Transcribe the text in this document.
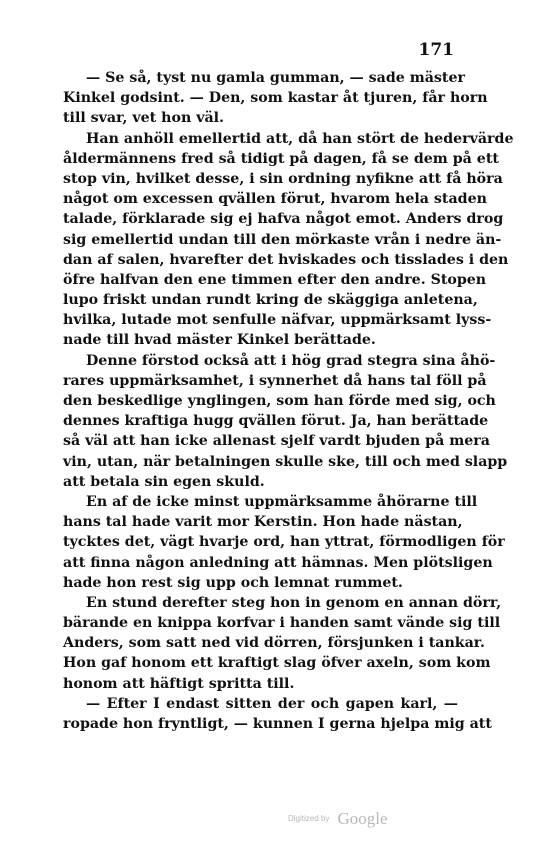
171
— Se så, tyst nu gamla gumman, — sade mäster
Kinkel godsint. — Den, som kastar åt tjuren, får horn
till svar, vet hon väl.
Han anhöll emellertid att, då han stört de hedervärde
åldermännens fred så tidigt på dagen, få se dem på ett
stop vin, hvilket desse, i sin ordning nyfikne att få höra
något om excessen qvällen förut, hvarom hela staden
talade, förklarade sig ej hafva något emot. Anders drog
sig emellertid undan till den mörkaste vrån i nedre än-
dan af salen, hvarefter det hviskades och tisslades i den
öfre halfvan den ene timmen efter den andre. Stopen
lupo friskt undan rundt kring de skäggiga anletena,
hvilka, lutade mot senfulle näfvar, uppmärksamt lyss-
nade till hvad mäster Kinkel berättade.
Denne förstod också att i hög grad stegra sina åhö-
rares uppmärksamhet, i synnerhet då hans tal föll på
den beskedlige ynglingen, som han förde med sig, och
dennes kraftiga hugg qvällen förut. Ja, han berättade
så väl att han icke allenast sjelf vardt bjuden på mera
vin, utan, när betalningen skulle ske, till och med slapp
att betala sin egen skuld.
En af de icke minst uppmärksamme åhörarne till
hans tal hade varit mor Kerstin. Hon hade nästan,
tycktes det, vägt hvarje ord, han yttrat, förmodligen för
att finna någon anledning att hämnas. Men plötsligen
hade hon rest sig upp och lemnat rummet.
En stund derefter steg hon in genom en annan dörr,
bärande en knippa korfvar i handen samt vände sig till
Anders, som satt ned vid dörren, försjunken i tankar.
Hon gaf honom ett kraftigt slag öfver axeln, som kom
honom att häftigt spritta till.
— Efter I endast sitten der och gapen karl, —
ropade hon fryntligt, — kunnen I gerna hjelpa mig att
Digitized by Google
